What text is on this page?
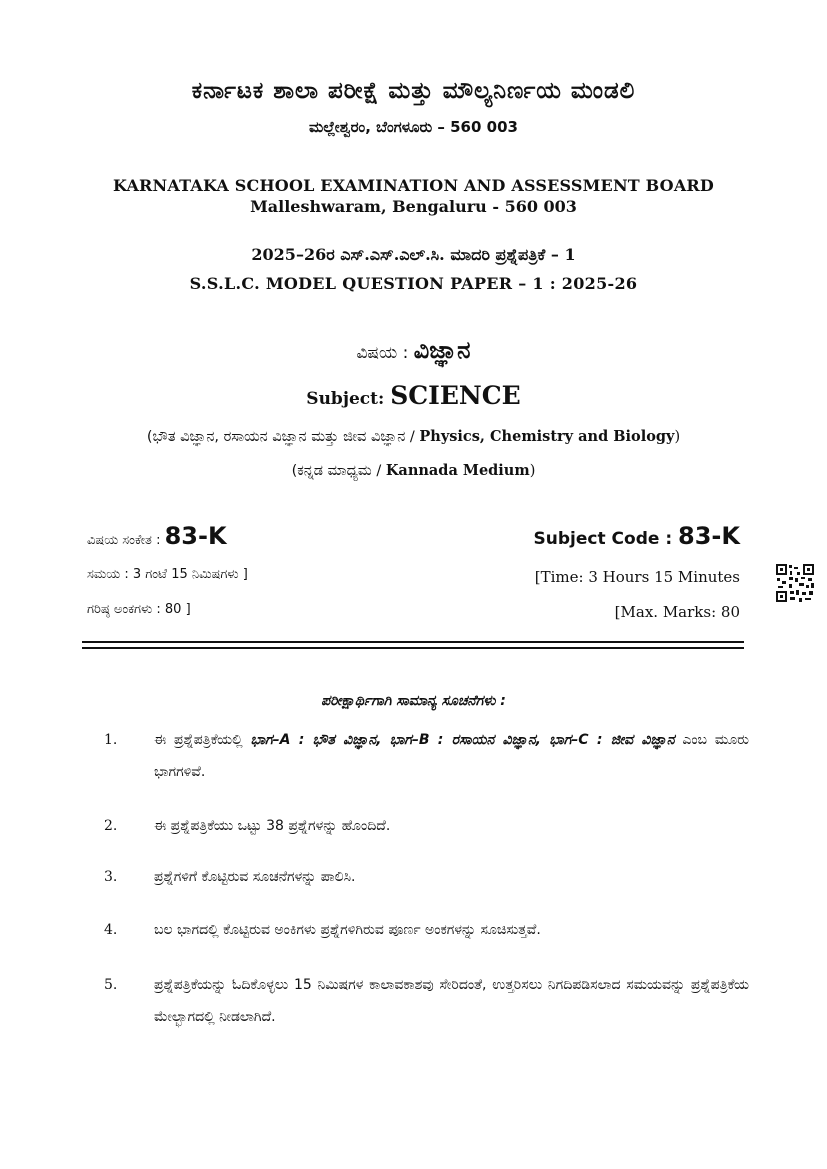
ಕರ್ನಾಟಕ ಶಾಲಾ ಪರೀಕ್ಷೆ ಮತ್ತು ಮೌಲ್ಯನಿರ್ಣಯ ಮಂಡಲಿ
ಮಲ್ಲೇಶ್ವರಂ, ಬೆಂಗಳೂರು – 560 003
KARNATAKA SCHOOL EXAMINATION AND ASSESSMENT BOARD
Malleshwaram, Bengaluru - 560 003
2025–26ರ ಎಸ್.ಎಸ್.ಎಲ್.ಸಿ. ಮಾದರಿ ಪ್ರಶ್ನೆಪತ್ರಿಕೆ – 1
S.S.L.C. MODEL QUESTION PAPER – 1 : 2025-26
ವಿಷಯ : ವಿಜ್ಞಾನ
Subject: SCIENCE
(ಭೌತ ವಿಜ್ಞಾನ, ರಸಾಯನ ವಿಜ್ಞಾನ ಮತ್ತು ಜೀವ ವಿಜ್ಞಾನ / Physics, Chemistry and Biology)
(ಕನ್ನಡ ಮಾಧ್ಯಮ / Kannada Medium)
ವಿಷಯ ಸಂಕೇತ : 83-K	Subject Code : 83-K
ಸಮಯ : 3 ಗಂಟೆ 15 ನಿಮಿಷಗಳು ]	[Time: 3 Hours 15 Minutes
ಗರಿಷ್ಠ ಅಂಕಗಳು : 80 ]	[Max. Marks: 80
ಪರೀಕ್ಷಾರ್ಥಿಗಾಗಿ ಸಾಮಾನ್ಯ ಸೂಚನೆಗಳು :
1.	ಈ ಪ್ರಶ್ನೆಪತ್ರಿಕೆಯಲ್ಲಿ ಭಾಗ–A : ಭೌತ ವಿಜ್ಞಾನ, ಭಾಗ–B : ರಸಾಯನ ವಿಜ್ಞಾನ, ಭಾಗ–C : ಜೀವ ವಿಜ್ಞಾನ ಎಂಬ ಮೂರು ಭಾಗಗಳಿವೆ.
2.	ಈ ಪ್ರಶ್ನೆಪತ್ರಿಕೆಯು ಒಟ್ಟು 38 ಪ್ರಶ್ನೆಗಳನ್ನು ಹೊಂದಿದೆ.
3.	ಪ್ರಶ್ನೆಗಳಿಗೆ ಕೊಟ್ಟಿರುವ ಸೂಚನೆಗಳನ್ನು ಪಾಲಿಸಿ.
4.	ಬಲ ಭಾಗದಲ್ಲಿ ಕೊಟ್ಟಿರುವ ಅಂಕಿಗಳು ಪ್ರಶ್ನೆಗಳಿಗಿರುವ ಪೂರ್ಣ ಅಂಕಗಳನ್ನು ಸೂಚಿಸುತ್ತವೆ.
5.	ಪ್ರಶ್ನೆಪತ್ರಿಕೆಯನ್ನು ಓದಿಕೊಳ್ಳಲು 15 ನಿಮಿಷಗಳ ಕಾಲಾವಕಾಶವು ಸೇರಿದಂತೆ, ಉತ್ತರಿಸಲು ನಿಗದಿಪಡಿಸಲಾದ ಸಮಯವನ್ನು ಪ್ರಶ್ನೆಪತ್ರಿಕೆಯ ಮೇಲ್ಭಾಗದಲ್ಲಿ ನೀಡಲಾಗಿದೆ.
